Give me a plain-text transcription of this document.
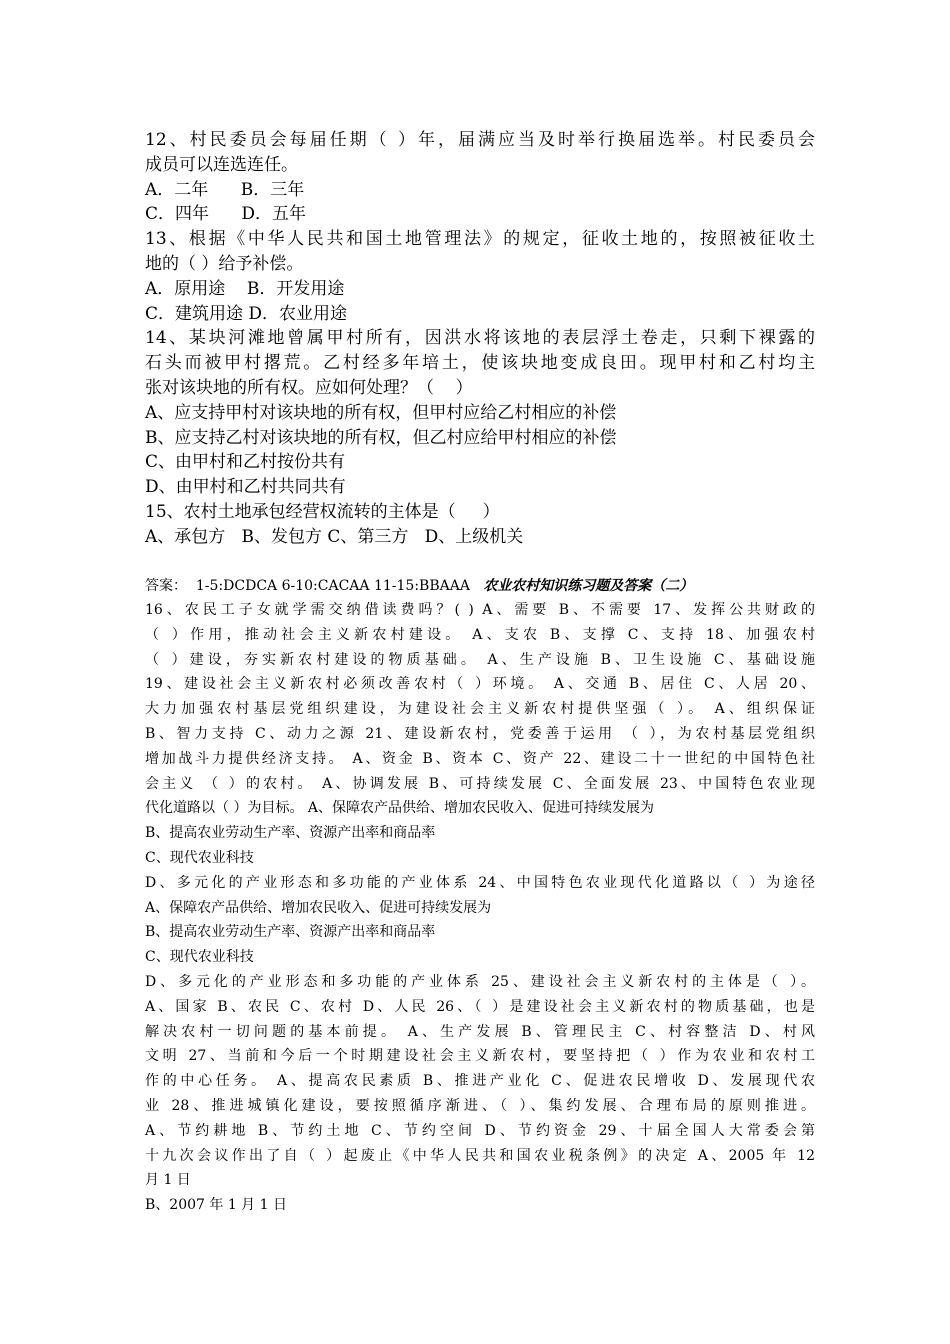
12、村民委员会每届任期（ ）年，届满应当及时举行换届选举。村民委员会

成员可以连选连任。

A．二年      B．三年

C．四年      D．五年

13、根据《中华人民共和国土地管理法》的规定，征收土地的，按照被征收土

地的（ ）给予补偿。

A．原用途    B．开发用途

C．建筑用途 D．农业用途

14、某块河滩地曾属甲村所有，因洪水将该地的表层浮土卷走，只剩下裸露的

石头而被甲村撂荒。乙村经多年培土，使该块地变成良田。现甲村和乙村均主

张对该块地的所有权。应如何处理？（    ）

A、应支持甲村对该块地的所有权，但甲村应给乙村相应的补偿

B、应支持乙村对该块地的所有权，但乙村应给甲村相应的补偿

C、由甲村和乙村按份共有

D、由甲村和乙村共同共有

15、农村土地承包经营权流转的主体是（     ）

A、承包方   B、发包方 C、第三方   D、上级机关

答案：  1-5:DCDCA 6-10:CACAA 11-15:BBAAA 农业农村知识练习题及答案（二）

16、农民工子女就学需交纳借读费吗？( ) A、需要 B、不需要 17、发挥公共财政的

（ ）作用，推动社会主义新农村建设。 A、支农 B、支撑 C、支持 18、加强农村

（ ）建设，夯实新农村建设的物质基础。 A、生产设施 B、卫生设施 C、基础设施

19、建设社会主义新农村必须改善农村（ ）环境。 A、交通 B、居住 C、人居 20、

大力加强农村基层党组织建设，为建设社会主义新农村提供坚强（ ）。 A、组织保证

B、智力支持 C、动力之源 21、建设新农村，党委善于运用 （ ），为农村基层党组织

增加战斗力提供经济支持。 A、资金 B、资本 C、资产 22、建设二十一世纪的中国特色社

会主义 （ ）的农村。 A、协调发展 B、可持续发展 C、全面发展 23、中国特色农业现

代化道路以（ ）为目标。 A、保障农产品供给、增加农民收入、促进可持续发展为

B、提高农业劳动生产率、资源产出率和商品率

C、现代农业科技

D、多元化的产业形态和多功能的产业体系 24、中国特色农业现代化道路以（ ）为途径

A、保障农产品供给、增加农民收入、促进可持续发展为

B、提高农业劳动生产率、资源产出率和商品率

C、现代农业科技

D、多元化的产业形态和多功能的产业体系 25、建设社会主义新农村的主体是（ ）。

A、国家 B、农民 C、农村 D、人民 26、（ ）是建设社会主义新农村的物质基础，也是

解决农村一切问题的基本前提。 A、生产发展 B、管理民主 C、村容整洁 D、村风

文明 27、当前和今后一个时期建设社会主义新农村，要坚持把（ ）作为农业和农村工

作的中心任务。 A、提高农民素质 B、推进产业化 C、促进农民增收 D、发展现代农

业 28、推进城镇化建设，要按照循序渐进、（ ）、集约发展、合理布局的原则推进。

A、节约耕地 B、节约土地 C、节约空间 D、节约资金 29、十届全国人大常委会第

十九次会议作出了自（ ）起废止《中华人民共和国农业税条例》的决定 A、2005 年 12

月 1 日

B、2007 年 1 月 1 日
